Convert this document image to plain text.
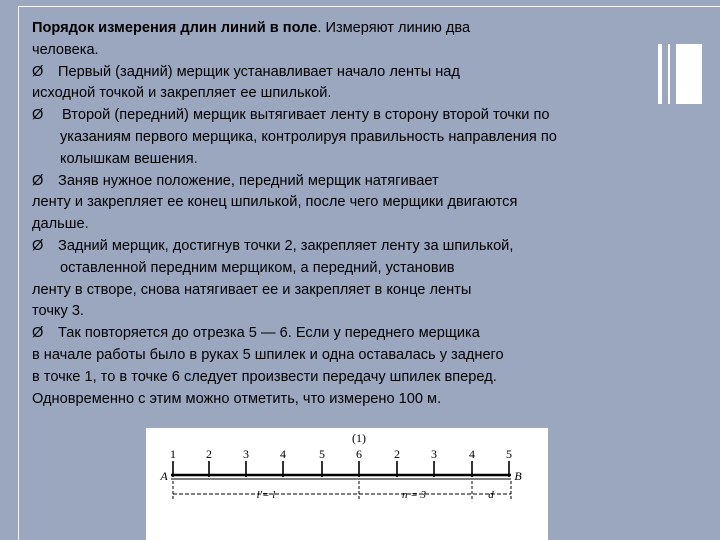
Порядок измерения длин линий в поле. Измеряют линию два
человека.
Ø Первый (задний) мерщик устанавливает начало ленты над
исходной точкой и закрепляет ее шпилькой.
Ø Второй (передний) мерщик вытягивает ленту в сторону второй точки по
указаниям первого мерщика, контролируя правильность направления по
колышкам вешения.
Ø Заняв нужное положение, передний мерщик натягивает
ленту и закрепляет ее конец шпилькой, после чего мерщики двигаются
дальше.
Ø Задний мерщик, достигнув точки 2, закрепляет ленту за шпилькой,
оставленной передним мерщиком, а передний, установив
ленту в створе, снова натягивает ее и закрепляет в конце ленты
точку 3.
Ø Так повторяется до отрезка 5 — 6. Если у переднего мерщика
в начале работы было в руках 5 шпилек и одна оставалась у заднего
в точке 1, то в точке 6 следует произвести передачу шпилек вперед.
Одновременно с этим можно отметить, что измерено 100 м.
(1)
A	B
1	2	3	4	5	6	2	3	4	5
l'= l	n = 3	d
